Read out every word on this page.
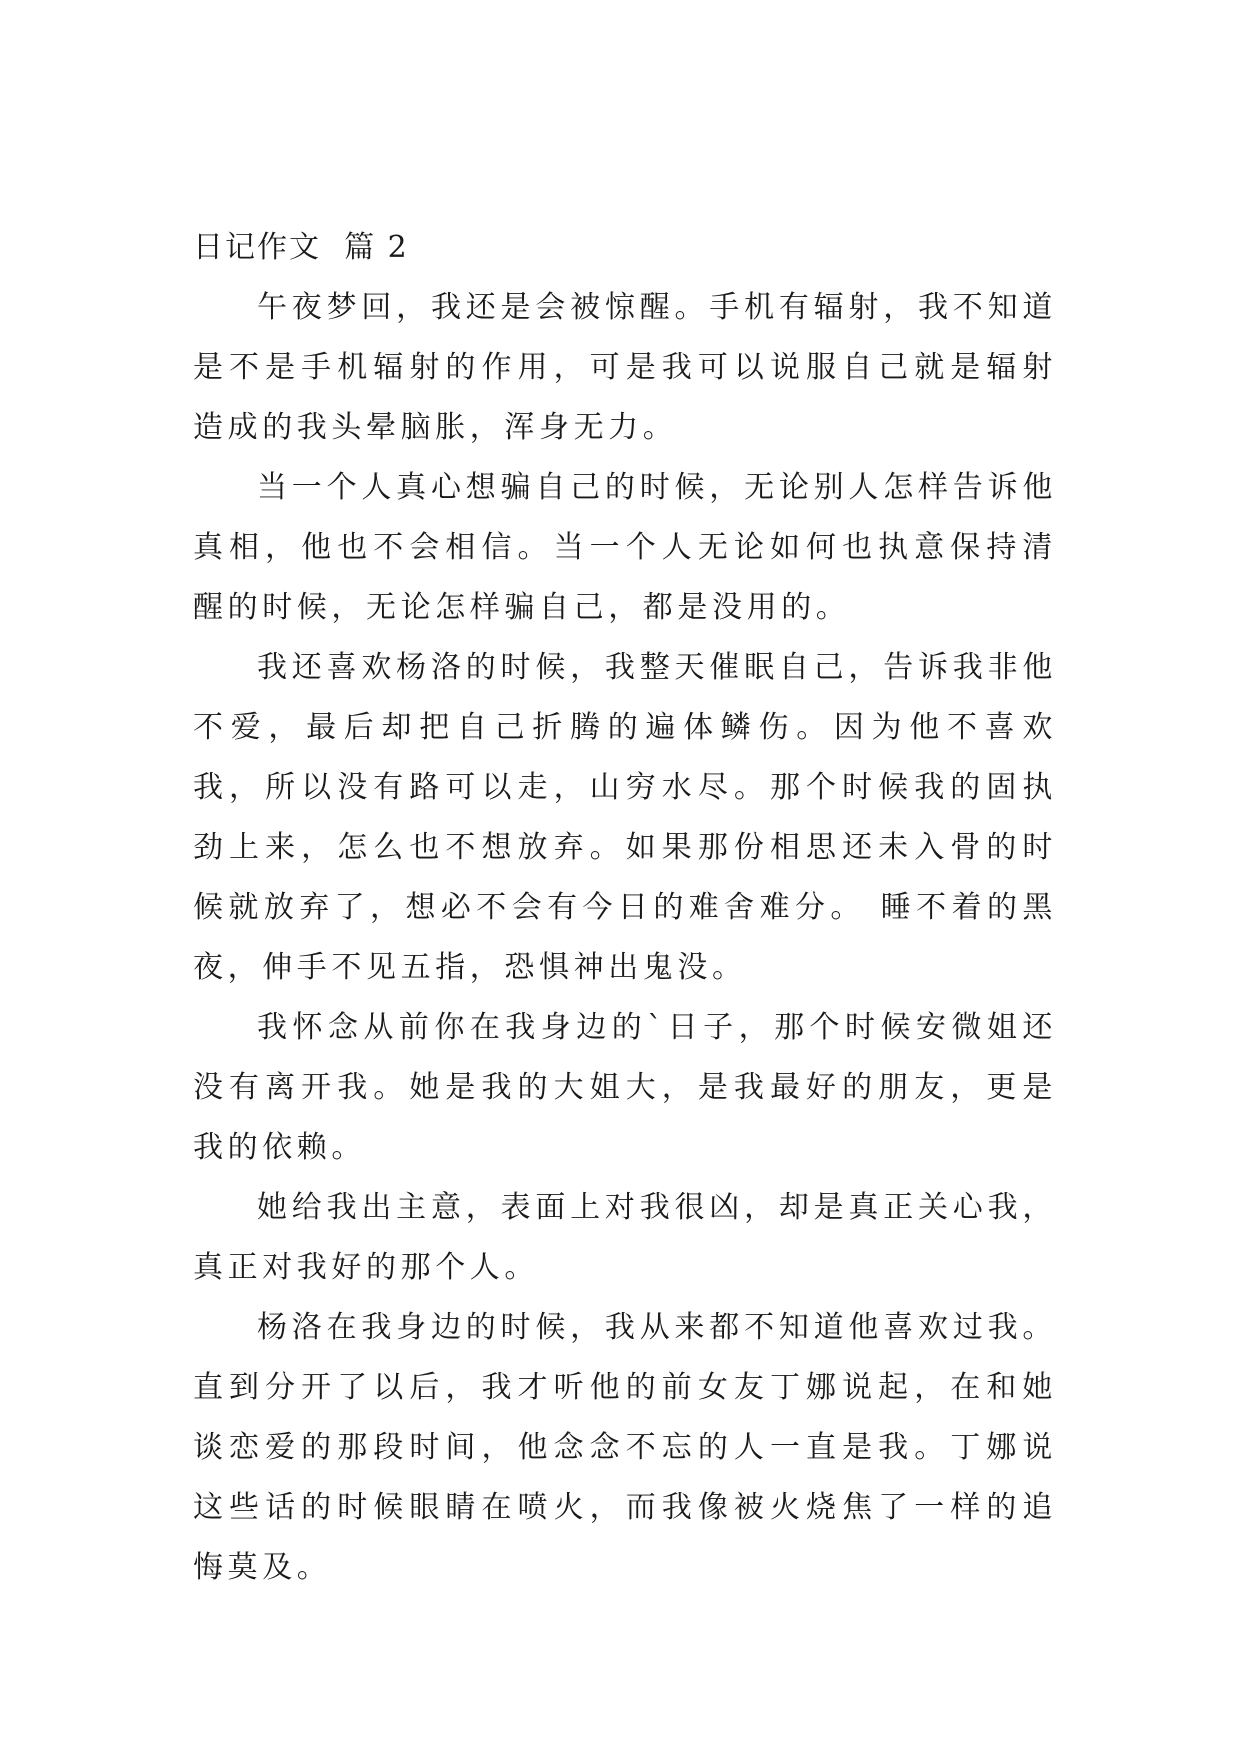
日记作文  篇 2

午夜梦回，我还是会被惊醒。手机有辐射，我不知道是不是手机辐射的作用，可是我可以说服自己就是辐射造成的我头晕脑胀，浑身无力。

当一个人真心想骗自己的时候，无论别人怎样告诉他真相，他也不会相信。当一个人无论如何也执意保持清醒的时候，无论怎样骗自己，都是没用的。

我还喜欢杨洛的时候，我整天催眠自己，告诉我非他不爱，最后却把自己折腾的遍体鳞伤。因为他不喜欢我，所以没有路可以走，山穷水尽。那个时候我的固执劲上来，怎么也不想放弃。如果那份相思还未入骨的时候就放弃了，想必不会有今日的难舍难分。 睡不着的黑夜，伸手不见五指，恐惧神出鬼没。

我怀念从前你在我身边的`日子，那个时候安微姐还没有离开我。她是我的大姐大，是我最好的朋友，更是我的依赖。

她给我出主意，表面上对我很凶，却是真正关心我，真正对我好的那个人。

杨洛在我身边的时候，我从来都不知道他喜欢过我。直到分开了以后，我才听他的前女友丁娜说起，在和她谈恋爱的那段时间，他念念不忘的人一直是我。丁娜说这些话的时候眼睛在喷火，而我像被火烧焦了一样的追悔莫及。
